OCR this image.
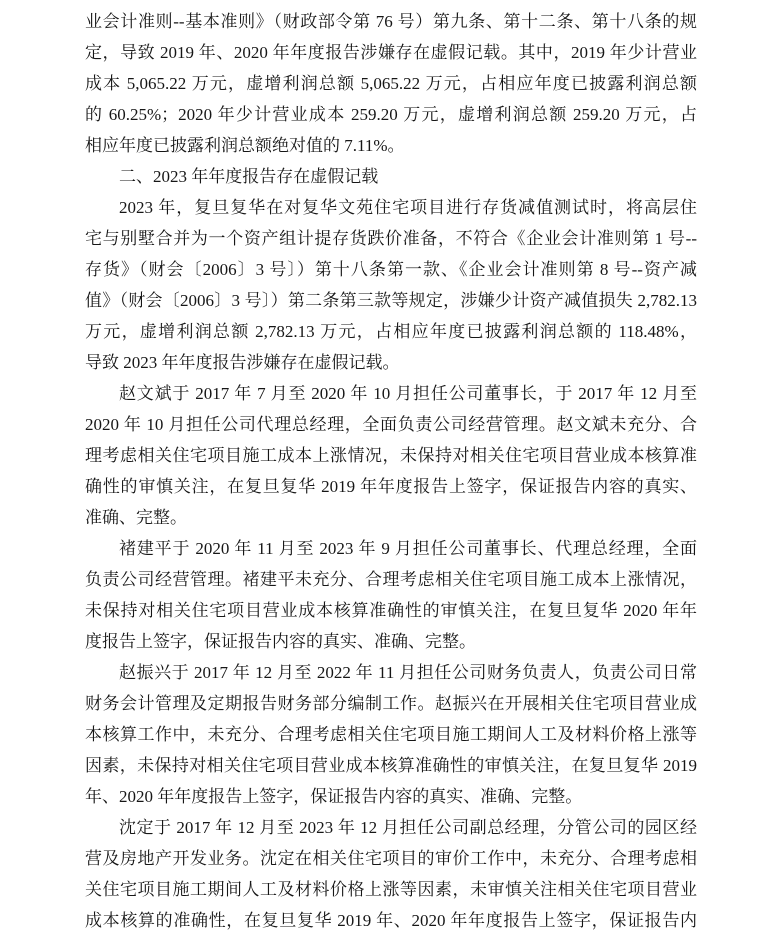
业会计准则--基本准则》（财政部令第 76 号）第九条、第十二条、第十八条的规
定，导致 2019 年、2020 年年度报告涉嫌存在虚假记载。其中，2019 年少计营业
成本 5,065.22 万元，虚增利润总额 5,065.22 万元，占相应年度已披露利润总额
的 60.25%；2020 年少计营业成本 259.20 万元，虚增利润总额 259.20 万元，占
相应年度已披露利润总额绝对值的 7.11%。
二、2023 年年度报告存在虚假记载
2023 年，复旦复华在对复华文苑住宅项目进行存货减值测试时，将高层住
宅与别墅合并为一个资产组计提存货跌价准备，不符合《企业会计准则第 1 号--
存货》（财会〔2006〕3 号〕）第十八条第一款、《企业会计准则第 8 号--资产减
值》（财会〔2006〕3 号〕）第二条第三款等规定，涉嫌少计资产减值损失 2,782.13
万元，虚增利润总额 2,782.13 万元，占相应年度已披露利润总额的 118.48%，
导致 2023 年年度报告涉嫌存在虚假记载。
赵文斌于 2017 年 7 月至 2020 年 10 月担任公司董事长，于 2017 年 12 月至
2020 年 10 月担任公司代理总经理，全面负责公司经营管理。赵文斌未充分、合
理考虑相关住宅项目施工成本上涨情况，未保持对相关住宅项目营业成本核算准
确性的审慎关注，在复旦复华 2019 年年度报告上签字，保证报告内容的真实、
准确、完整。
褚建平于 2020 年 11 月至 2023 年 9 月担任公司董事长、代理总经理，全面
负责公司经营管理。褚建平未充分、合理考虑相关住宅项目施工成本上涨情况，
未保持对相关住宅项目营业成本核算准确性的审慎关注，在复旦复华 2020 年年
度报告上签字，保证报告内容的真实、准确、完整。
赵振兴于 2017 年 12 月至 2022 年 11 月担任公司财务负责人，负责公司日常
财务会计管理及定期报告财务部分编制工作。赵振兴在开展相关住宅项目营业成
本核算工作中，未充分、合理考虑相关住宅项目施工期间人工及材料价格上涨等
因素，未保持对相关住宅项目营业成本核算准确性的审慎关注，在复旦复华 2019
年、2020 年年度报告上签字，保证报告内容的真实、准确、完整。
沈定于 2017 年 12 月至 2023 年 12 月担任公司副总经理，分管公司的园区经
营及房地产开发业务。沈定在相关住宅项目的审价工作中，未充分、合理考虑相
关住宅项目施工期间人工及材料价格上涨等因素，未审慎关注相关住宅项目营业
成本核算的准确性，在复旦复华 2019 年、2020 年年度报告上签字，保证报告内
